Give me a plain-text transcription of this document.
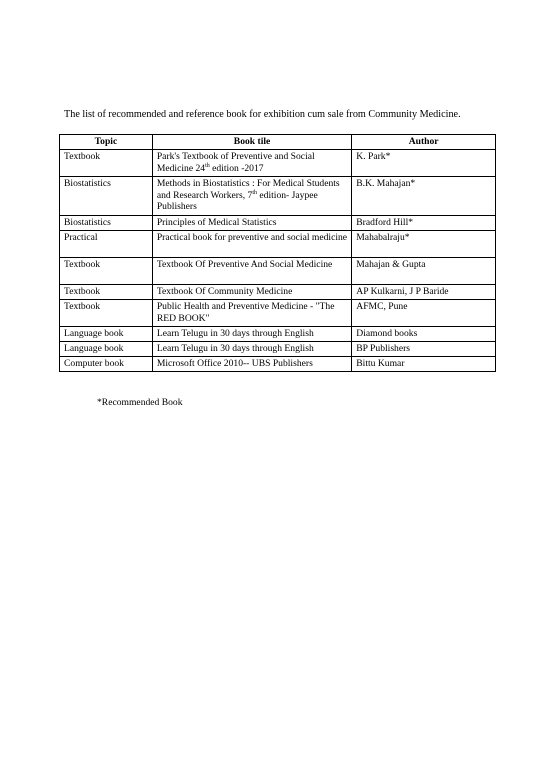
The list of recommended and reference book for exhibition cum sale from Community Medicine.
Topic	Book tile	Author
Textbook	Park's Textbook of Preventive and Social Medicine 24th edition -2017	K. Park*
Biostatistics	Methods in Biostatistics : For Medical Students and Research Workers, 7th edition- Jaypee Publishers	B.K. Mahajan*
Biostatistics	Principles of Medical Statistics	Bradford Hill*
Practical	Practical book for preventive and social medicine	Mahabalraju*
Textbook	Textbook Of Preventive And Social Medicine	Mahajan & Gupta
Textbook	Textbook Of Community Medicine	AP Kulkarni, J P Baride
Textbook	Public Health and Preventive Medicine - "The RED BOOK"	AFMC, Pune
Language book	Learn Telugu in 30 days through English	Diamond books
Language book	Learn Telugu in 30 days through English	BP Publishers
Computer book	Microsoft Office 2010-- UBS Publishers	Bittu Kumar
*Recommended Book
